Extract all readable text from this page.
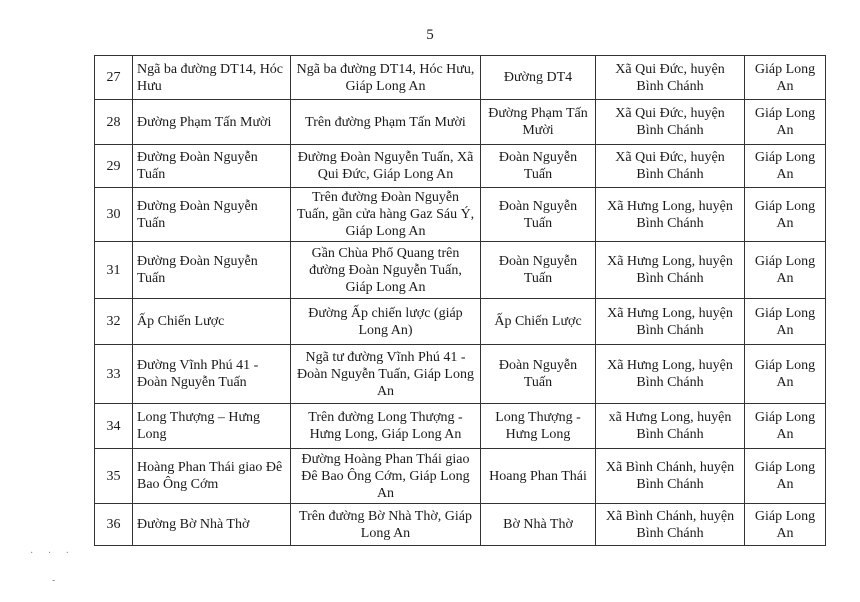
5
27	Ngã ba đường DT14, Hóc Hưu	Ngã ba đường DT14, Hóc Hưu, Giáp Long An	Đường DT4	Xã Qui Đức, huyện Bình Chánh	Giáp Long An
28	Đường Phạm Tấn Mười	Trên đường Phạm Tấn Mười	Đường Phạm Tấn Mười	Xã Qui Đức, huyện Bình Chánh	Giáp Long An
29	Đường Đoàn Nguyễn Tuấn	Đường Đoàn Nguyễn Tuấn, Xã Qui Đức, Giáp Long An	Đoàn Nguyễn Tuấn	Xã Qui Đức, huyện Bình Chánh	Giáp Long An
30	Đường Đoàn Nguyễn Tuấn	Trên đường Đoàn Nguyễn Tuấn, gần cửa hàng Gaz Sáu Ý, Giáp Long An	Đoàn Nguyễn Tuấn	Xã Hưng Long, huyện Bình Chánh	Giáp Long An
31	Đường Đoàn Nguyễn Tuấn	Gần Chùa Phổ Quang trên đường Đoàn Nguyễn Tuấn, Giáp Long An	Đoàn Nguyễn Tuấn	Xã Hưng Long, huyện Bình Chánh	Giáp Long An
32	Ấp Chiến Lược	Đường Ấp chiến lược (giáp Long An)	Ấp Chiến Lược	Xã Hưng Long, huyện Bình Chánh	Giáp Long An
33	Đường Vĩnh Phú 41 - Đoàn Nguyễn Tuấn	Ngã tư đường Vĩnh Phú 41 - Đoàn Nguyễn Tuấn, Giáp Long An	Đoàn Nguyễn Tuấn	Xã Hưng Long, huyện Bình Chánh	Giáp Long An
34	Long Thượng – Hưng Long	Trên đường Long Thượng - Hưng Long, Giáp Long An	Long Thượng - Hưng Long	xã Hưng Long, huyện Bình Chánh	Giáp Long An
35	Hoàng Phan Thái giao Đê Bao Ông Cớm	Đường Hoàng Phan Thái giao Đê Bao Ông Cớm, Giáp Long An	Hoang Phan Thái	Xã Bình Chánh, huyện Bình Chánh	Giáp Long An
36	Đường Bờ Nhà Thờ	Trên đường Bờ Nhà Thờ, Giáp Long An	Bờ Nhà Thờ	Xã Bình Chánh, huyện Bình Chánh	Giáp Long An
· · ·
-
